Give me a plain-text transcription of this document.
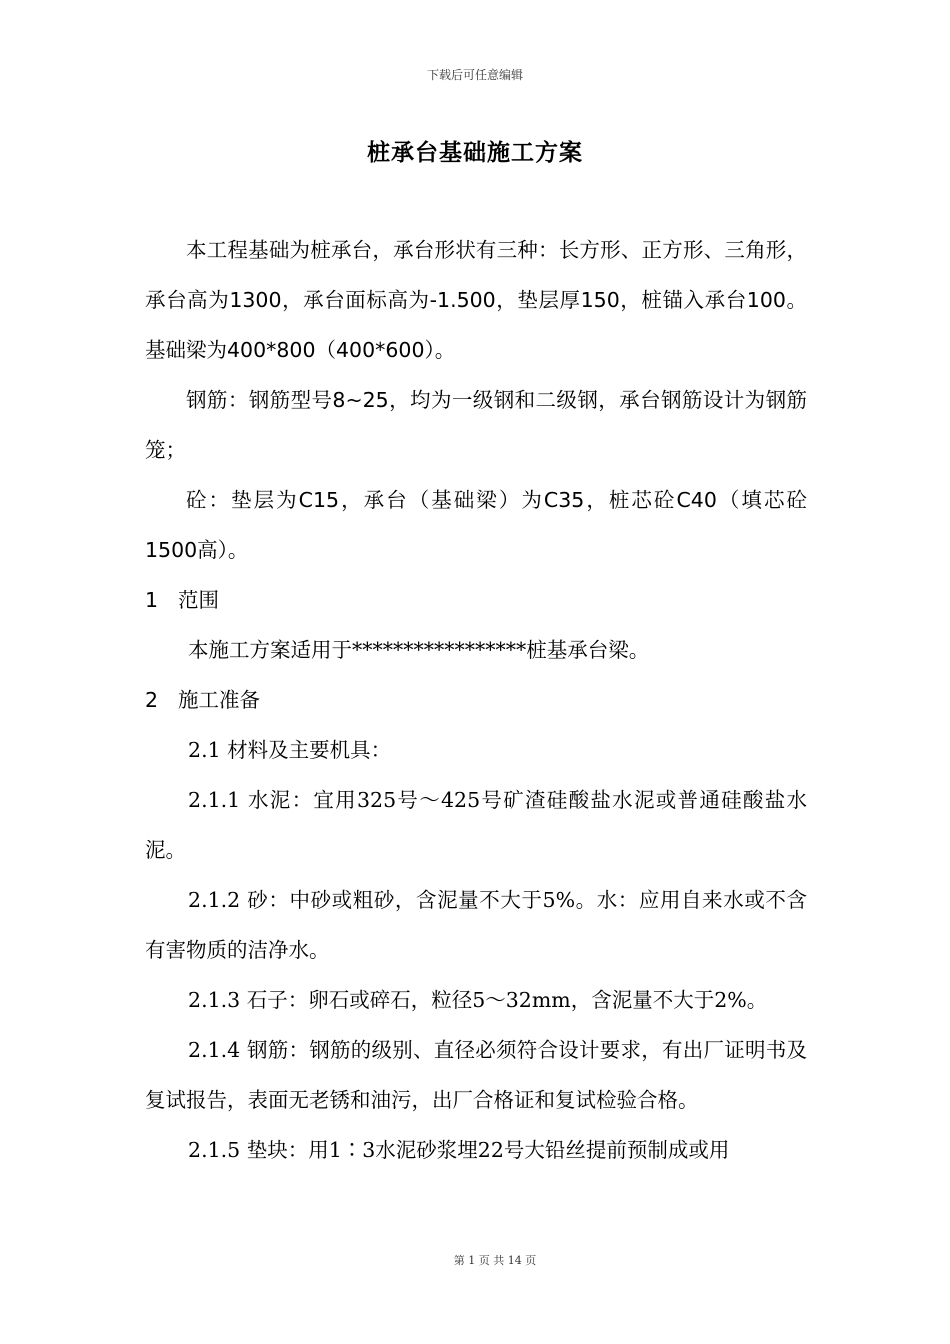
下载后可任意编辑
桩承台基础施工方案

本工程基础为桩承台，承台形状有三种：长方形、正方形、三角形，承台高为1300，承台面标高为-1.500，垫层厚150，桩锚入承台100。基础梁为400*800（400*600）。

钢筋：钢筋型号8~25，均为一级钢和二级钢，承台钢筋设计为钢筋笼；

砼：垫层为C15，承台（基础梁）为C35，桩芯砼C40（填芯砼1500高）。

1 范围

本施工方案适用于*****************桩基承台梁。

2 施工准备

2.1 材料及主要机具：

2.1.1 水泥：宜用325号～425号矿渣硅酸盐水泥或普通硅酸盐水泥。

2.1.2 砂：中砂或粗砂，含泥量不大于5%。水：应用自来水或不含有害物质的洁净水。

2.1.3 石子：卵石或碎石，粒径5～32mm，含泥量不大于2%。

2.1.4 钢筋：钢筋的级别、直径必须符合设计要求，有出厂证明书及复试报告，表面无老锈和油污，出厂合格证和复试检验合格。

2.1.5 垫块：用1∶3水泥砂浆埋22号大铅丝提前预制成或用

第 1 页 共 14 页
